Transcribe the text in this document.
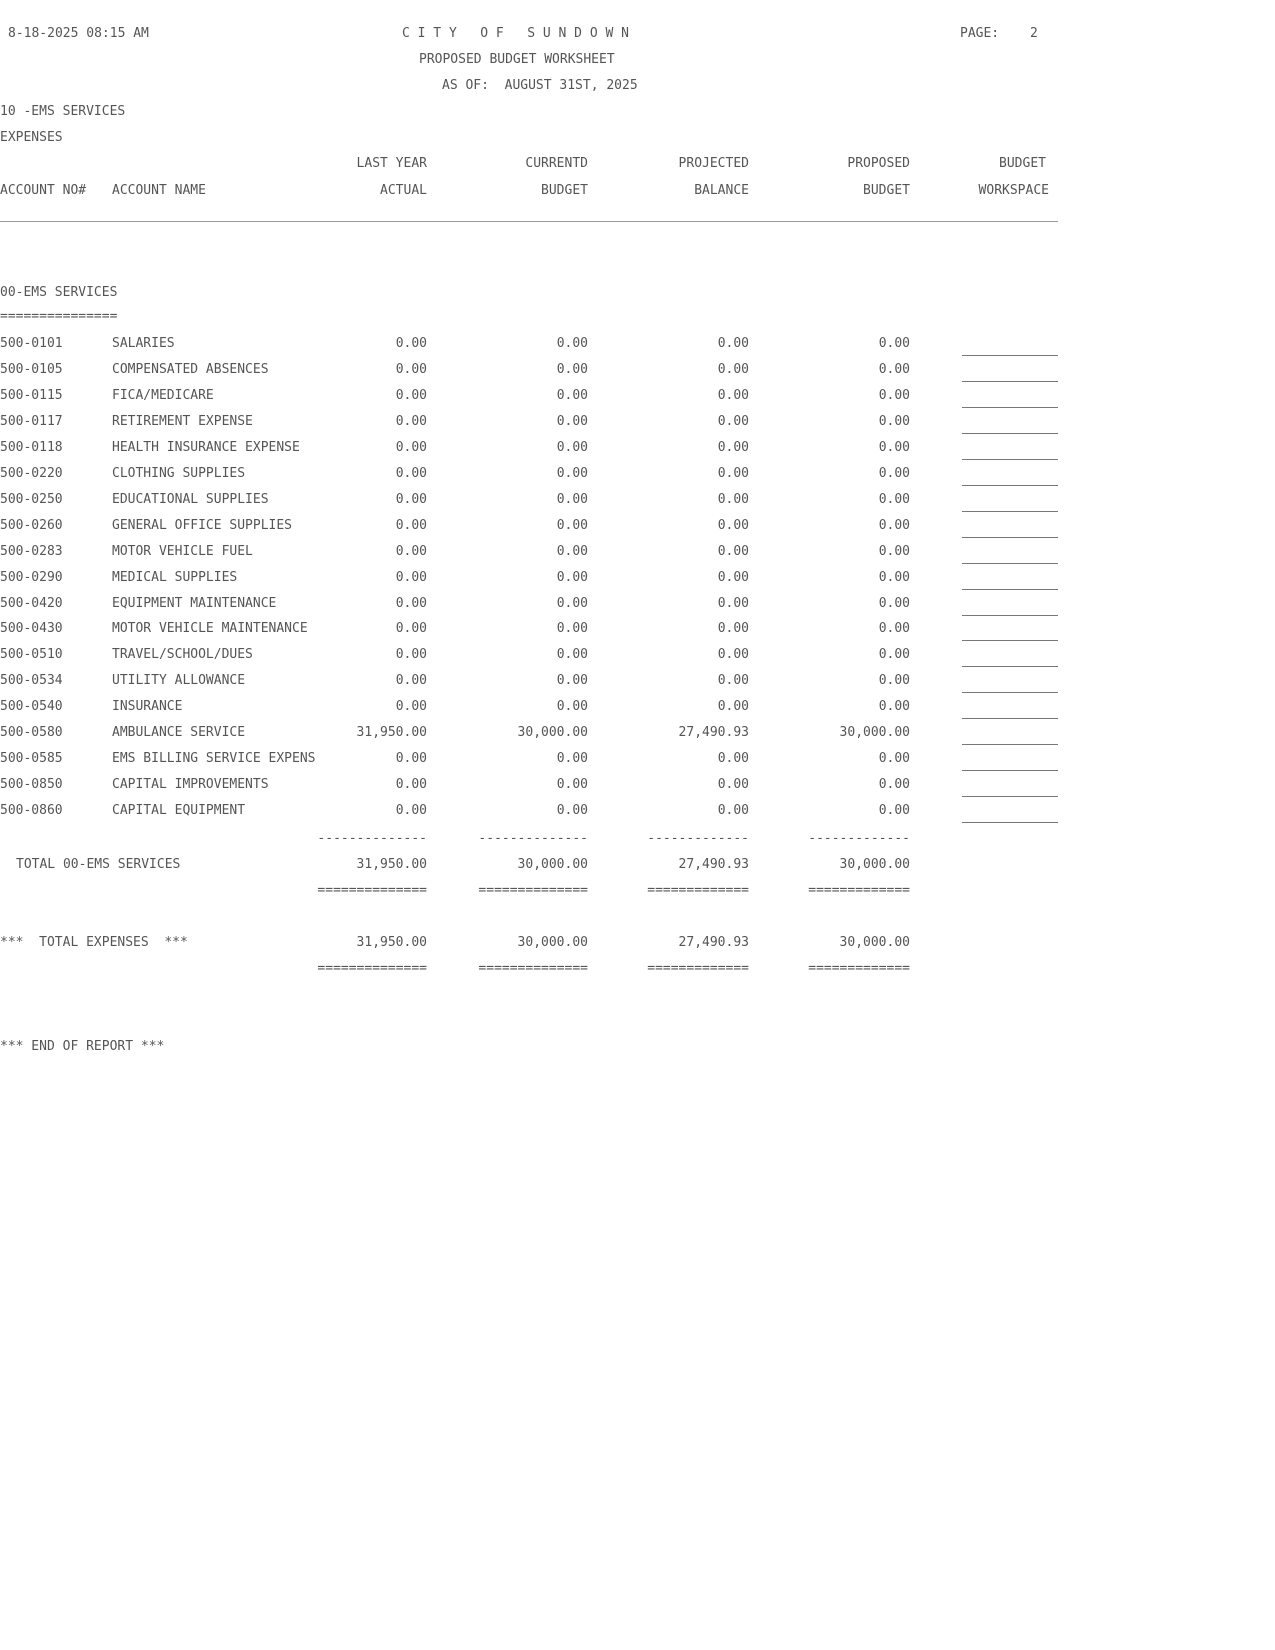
8-18-2025 08:15 AM	C I T Y   O F   S U N D O W N	PAGE: 2
PROPOSED BUDGET WORKSHEET
AS OF:  AUGUST 31ST, 2025
10 -EMS SERVICES
EXPENSES
LAST YEAR	CURRENTD	PROJECTED	PROPOSED	BUDGET
ACCOUNT NO# ACCOUNT NAME	ACTUAL	BUDGET	BALANCE	BUDGET	WORKSPACE
00-EMS SERVICES
===============
500-0101	SALARIES	0.00	0.00	0.00	0.00
500-0105	COMPENSATED ABSENCES	0.00	0.00	0.00	0.00
500-0115	FICA/MEDICARE	0.00	0.00	0.00	0.00
500-0117	RETIREMENT EXPENSE	0.00	0.00	0.00	0.00
500-0118	HEALTH INSURANCE EXPENSE	0.00	0.00	0.00	0.00
500-0220	CLOTHING SUPPLIES	0.00	0.00	0.00	0.00
500-0250	EDUCATIONAL SUPPLIES	0.00	0.00	0.00	0.00
500-0260	GENERAL OFFICE SUPPLIES	0.00	0.00	0.00	0.00
500-0283	MOTOR VEHICLE FUEL	0.00	0.00	0.00	0.00
500-0290	MEDICAL SUPPLIES	0.00	0.00	0.00	0.00
500-0420	EQUIPMENT MAINTENANCE	0.00	0.00	0.00	0.00
500-0430	MOTOR VEHICLE MAINTENANCE	0.00	0.00	0.00	0.00
500-0510	TRAVEL/SCHOOL/DUES	0.00	0.00	0.00	0.00
500-0534	UTILITY ALLOWANCE	0.00	0.00	0.00	0.00
500-0540	INSURANCE	0.00	0.00	0.00	0.00
500-0580	AMBULANCE SERVICE	31,950.00	30,000.00	27,490.93	30,000.00
500-0585	EMS BILLING SERVICE EXPENS	0.00	0.00	0.00	0.00
500-0850	CAPITAL IMPROVEMENTS	0.00	0.00	0.00	0.00
500-0860	CAPITAL EQUIPMENT	0.00	0.00	0.00	0.00
--------------	--------------	-------------	-------------
TOTAL 00-EMS SERVICES	31,950.00	30,000.00	27,490.93	30,000.00
==============	==============	=============	=============
***  TOTAL EXPENSES  ***	31,950.00	30,000.00	27,490.93	30,000.00
==============	==============	=============	=============
*** END OF REPORT ***
